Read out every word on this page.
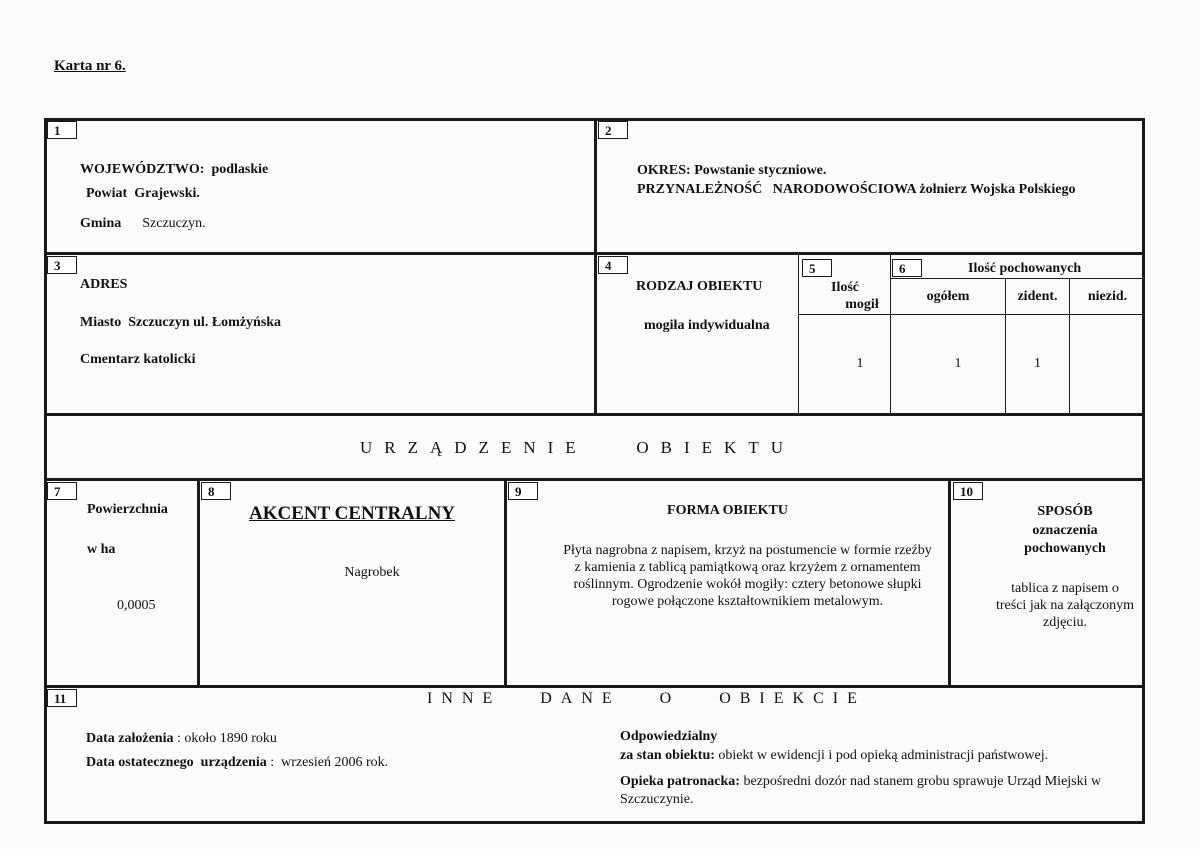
Karta nr 6.
1
WOJEWÓDZTWO: podlaskie
Powiat Grajewski.
Gmina Szczuczyn.
2
OKRES: Powstanie styczniowe.
PRZYNALEŻNOŚĆ   NARODOWOŚCIOWA żołnierz Wojska Polskiego
3
ADRES
Miasto Szczuczyn ul. Łomżyńska
Cmentarz katolicki
4
RODZAJ OBIEKTU
mogiła indywidualna
5
Ilość
mogił
1
6	Ilość pochowanych
ogółem	zident.	niezid.
1	1
URZĄDZENIE   OBIEKTU
7
Powierzchnia
w ha
0,0005
8
AKCENT CENTRALNY
Nagrobek
9
FORMA OBIEKTU
Płyta nagrobna z napisem, krzyż na postumencie w formie rzeźby z kamienia z tablicą pamiątkową oraz krzyżem z ornamentem roślinnym. Ogrodzenie wokół mogiły: cztery betonowe słupki rogowe połączone kształtownikiem metalowym.
10
SPOSÓB
oznaczenia
pochowanych
tablica z napisem o treści jak na załączonym zdjęciu.
11	INNE   DANE   O   OBIEKCIE
Data założenia : około 1890 roku
Data ostatecznego  urządzenia :  wrzesień 2006 rok.
Odpowiedzialny
za stan obiektu: obiekt w ewidencji i pod opieką administracji państwowej.
Opieka patronacka: bezpośredni dozór nad stanem grobu sprawuje Urząd Miejski w Szczuczynie.
